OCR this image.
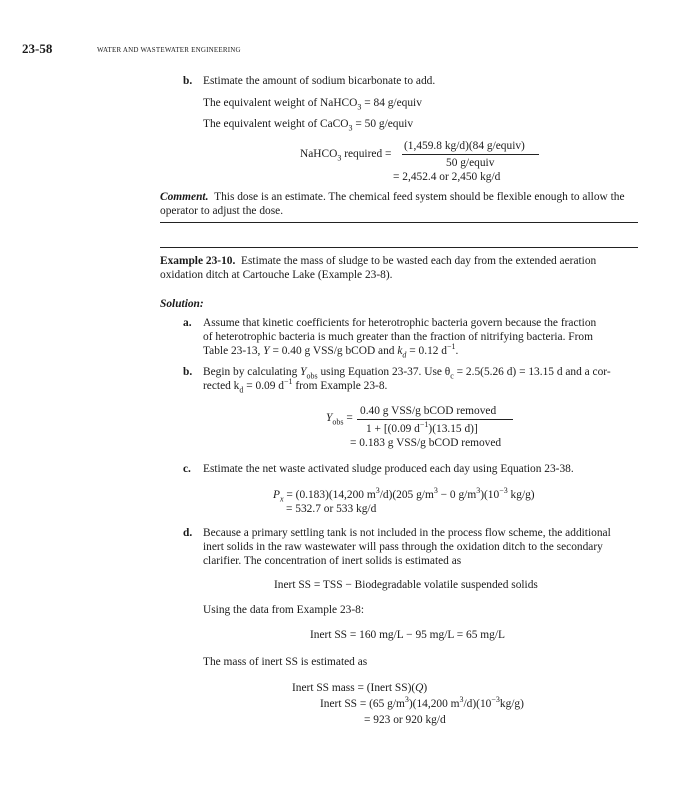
23-58	WATER AND WASTEWATER ENGINEERING
b. Estimate the amount of sodium bicarbonate to add.
The equivalent weight of NaHCO$_3$ = 84 g/equiv
The equivalent weight of CaCO$_3$ = 50 g/equiv
NaHCO$_3$ required =
(1,459.8 kg/d)(84 g/equiv)
50 g/equiv
= 2,452.4 or 2,450 kg/d
Comment. This dose is an estimate. The chemical feed system should be flexible enough to allow the operator to adjust the dose.
Example 23-10. Estimate the mass of sludge to be wasted each day from the extended aeration oxidation ditch at Cartouche Lake (Example 23-8).
Solution:
a. Assume that kinetic coefficients for heterotrophic bacteria govern because the fraction
of heterotrophic bacteria is much greater than the fraction of nitrifying bacteria. From
Table 23-13, Y = 0.40 g VSS/g bCOD and $k_d = 0.12$ $d^{-1}$.
b. Begin by calculating $Y_{obs}$ using Equation 23-37. Use $\theta_c = 2.5(5.26$ d) = 13.15 d and a cor-
rected $k_d = 0.09$ $d^{-1}$ from Example 23-8.
$Y_{obs}$ =
0.40 g VSS/g bCOD removed
1 + [(0.09 $d^{-1})(13.15$ d)]
= 0.183 g VSS/g bCOD removed
c. Estimate the net waste activated sludge produced each day using Equation 23-38.
$P_x = (0.183)(14,200$ $m^3/d)(205$ $g/m^3 - 0$ $g/m^3)(10^{-3}$ kg/g)
= 532.7 or 533 kg/d
d. Because a primary settling tank is not included in the process flow scheme, the additional
inert solids in the raw wastewater will pass through the oxidation ditch to the secondary
clarifier. The concentration of inert solids is estimated as
Inert SS = TSS − Biodegradable volatile suspended solids
Using the data from Example 23-8:
Inert SS = 160 mg/L − 95 mg/L = 65 mg/L
The mass of inert SS is estimated as
Inert SS mass = (Inert SS)(Q)
Inert SS = (65 $g/m^3)(14,200$ $m^3/d)(10^{-3}kg/g)$
= 923 or 920 kg/d
